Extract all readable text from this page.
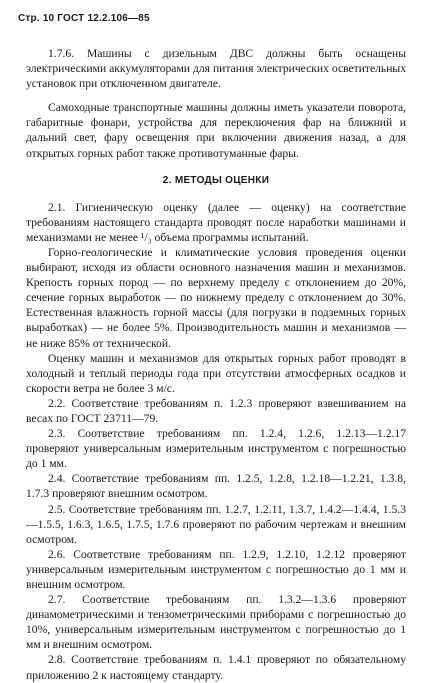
Стр. 10 ГОСТ 12.2.106—85

1.7.6. Машины с дизельным ДВС должны быть оснащены электрическими аккумуляторами для питания электрических осветительных установок при отключенном двигателе.

Самоходные транспортные машины должны иметь указатели поворота, габаритные фонари, устройства для переключения фар на ближний и дальний свет, фару освещения при включении движения назад, а для открытых горных работ также противотуманные фары.

2. МЕТОДЫ ОЦЕНКИ

2.1. Гигиеническую оценку (далее — оценку) на соответствие требованиям настоящего стандарта проводят после наработки машинами и механизмами не менее ¹/₃ объема программы испытаний.

Горно-геологические и климатические условия проведения оценки выбирают, исходя из области основного назначения машин и механизмов. Крепость горных пород — по верхнему пределу с отклонением до 20%, сечение горных выработок — по нижнему пределу с отклонением до 30%. Естественная влажность горной массы (для погрузки в подземных горных выработках) — не более 5%. Производительность машин и механизмов — не ниже 85% от технической.

Оценку машин и механизмов для открытых горных работ проводят в холодный и теплый периоды года при отсутствии атмосферных осадков и скорости ветра не более 3 м/с.

2.2. Соответствие требованиям п. 1.2.3 проверяют взвешиванием на весах по ГОСТ 23711—79.

2.3. Соответствие требованиям пп. 1.2.4, 1.2.6, 1.2.13—1.2.17 проверяют универсальным измерительным инструментом с погрешностью до 1 мм.

2.4. Соответствие требованиям пп. 1.2.5, 1.2.8, 1.2.18—1.2.21, 1.3.8, 1.7.3 проверяют внешним осмотром.

2.5. Соответствие требованиям пп. 1.2.7, 1.2.11, 1.3.7, 1.4.2—1.4.4, 1.5.3—1.5.5, 1.6.3, 1.6.5, 1.7.5, 1.7.6 проверяют по рабочим чертежам и внешним осмотром.

2.6. Соответствие требованиям пп. 1.2.9, 1.2.10, 1.2.12 проверяют универсальным измерительным инструментом с погрешностью до 1 мм и внешним осмотром.

2.7. Соответствие требованиям пп. 1.3.2—1.3.6 проверяют динамометрическими и тензометрическими приборами с погрешностью до 10%, универсальным измерительным инструментом с погрешностью до 1 мм и внешним осмотром.

2.8. Соответствие требованиям п. 1.4.1 проверяют по обязательному приложению 2 к настоящему стандарту.
